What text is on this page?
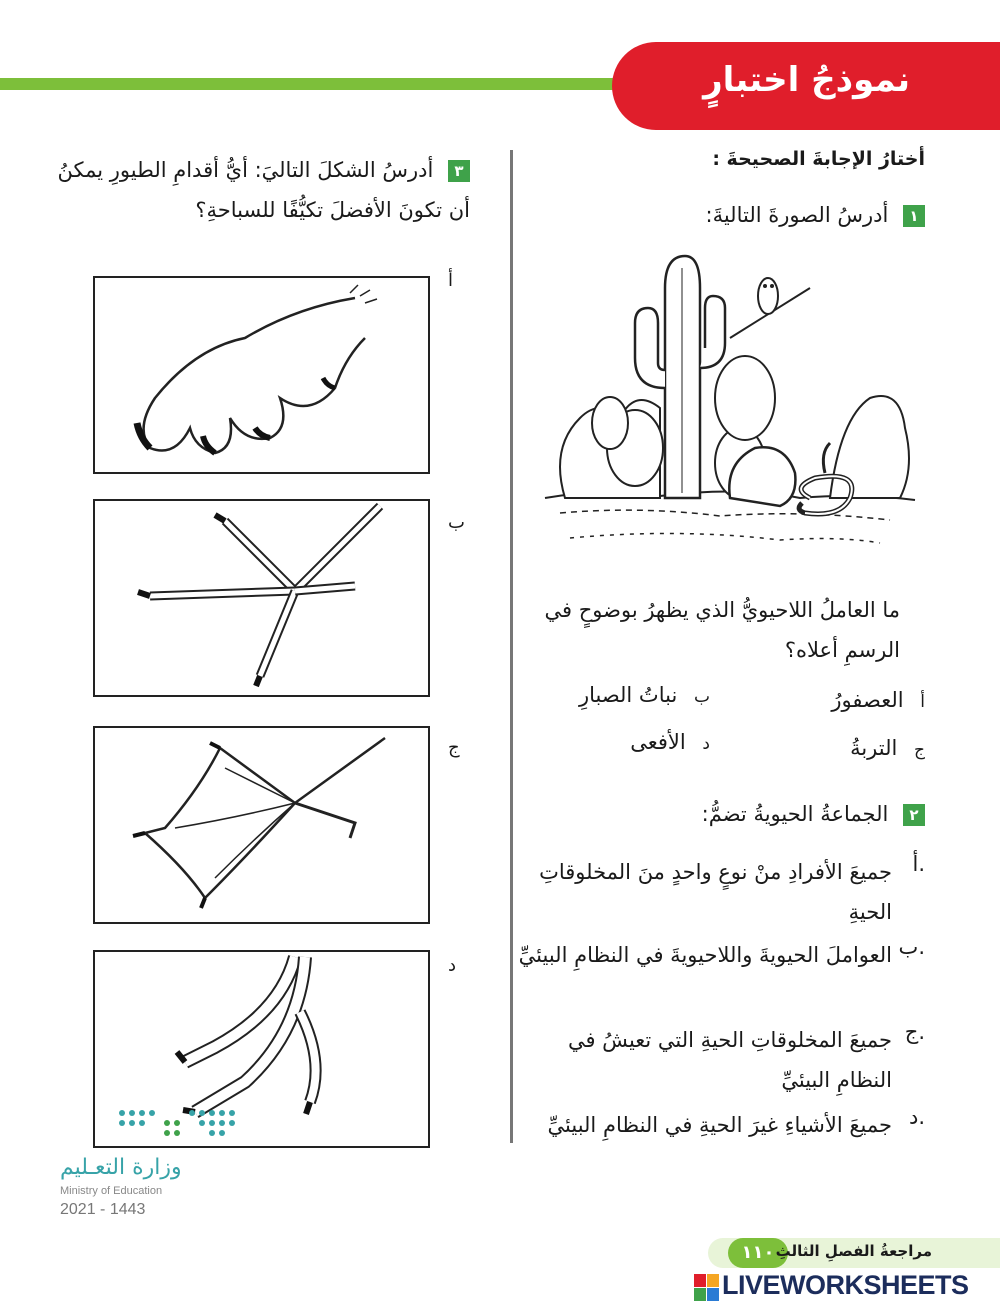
نموذجُ اختبارٍ
أختارُ الإجابةَ الصحيحةَ :
١ أدرسُ الصورةَ التاليةَ:
ما العاملُ اللاحيويُّ الذي يظهرُ بوضوحٍ في الرسمِ أعلاه؟
أ العصفورُ
ب نباتُ الصبارِ
ج التربةُ
د الأفعى
٢ الجماعةُ الحيويةُ تضمُّ:
أ.
جميعَ الأفرادِ منْ نوعٍ واحدٍ منَ المخلوقاتِ الحيةِ
ب.
العواملَ الحيويةَ واللاحيويةَ في النظامِ البيئيِّ
ج.
جميعَ المخلوقاتِ الحيةِ التي تعيشُ في النظامِ البيئيِّ
د.
جميعَ الأشياءِ غيرَ الحيةِ في النظامِ البيئيِّ
٣ أدرسُ الشكلَ التاليَ: أيُّ أقدامِ الطيورِ يمكنُ أن تكونَ الأفضلَ تكيُّفًا للسباحةِ؟
أ
ب
ج
د
وزارة التعـليم
Ministry of Education
2021 - 1443
١١٠ مراجعةُ الفصلِ الثالثِ
LIVEWORKSHEETS
